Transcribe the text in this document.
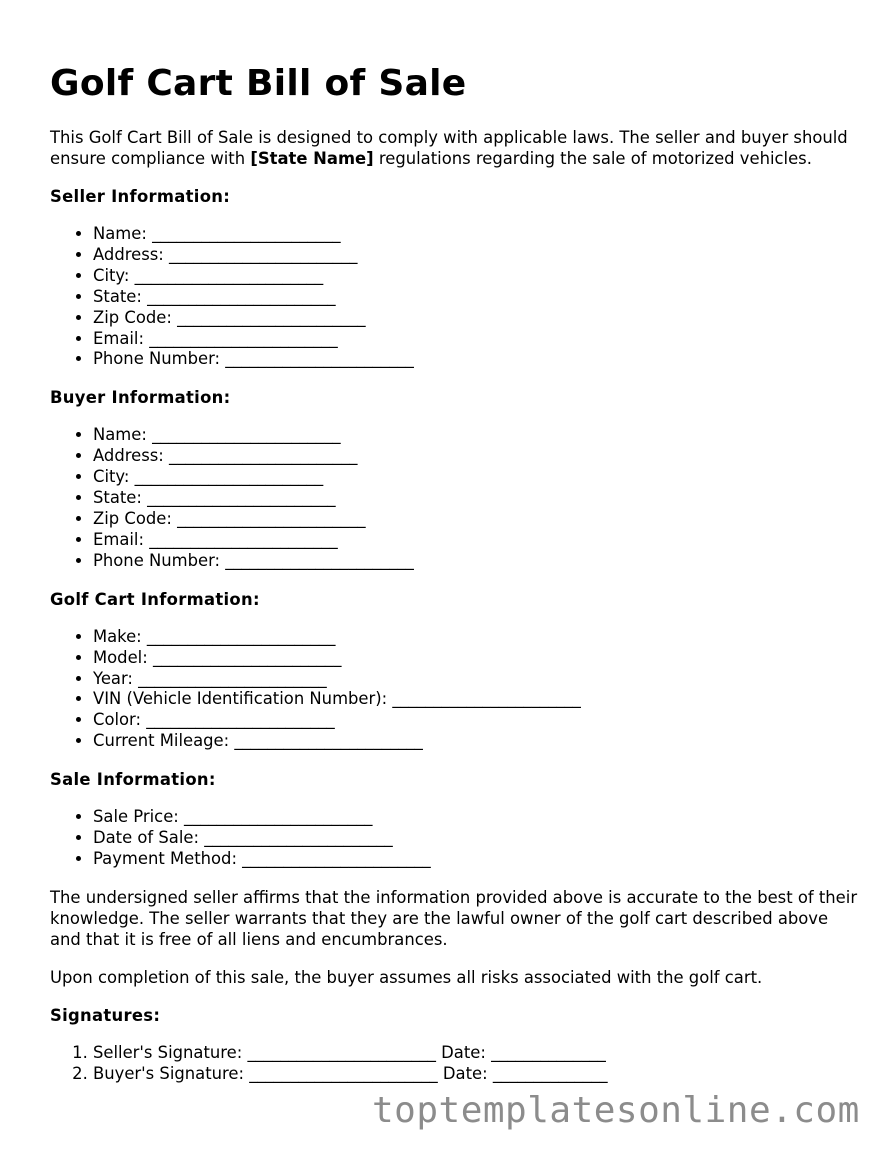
Golf Cart Bill of Sale

This Golf Cart Bill of Sale is designed to comply with applicable laws. The seller and buyer should ensure compliance with [State Name] regulations regarding the sale of motorized vehicles.

Seller Information:
• Name: _______________________
• Address: _______________________
• City: _______________________
• State: _______________________
• Zip Code: _______________________
• Email: _______________________
• Phone Number: _______________________
Buyer Information:
• Name: _______________________
• Address: _______________________
• City: _______________________
• State: _______________________
• Zip Code: _______________________
• Email: _______________________
• Phone Number: _______________________
Golf Cart Information:
• Make: _______________________
• Model: _______________________
• Year: _______________________
• VIN (Vehicle Identification Number): _______________________
• Color: _______________________
• Current Mileage: _______________________
Sale Information:
• Sale Price: _______________________
• Date of Sale: _______________________
• Payment Method: _______________________

The undersigned seller affirms that the information provided above is accurate to the best of their knowledge. The seller warrants that they are the lawful owner of the golf cart described above and that it is free of all liens and encumbrances.

Upon completion of this sale, the buyer assumes all risks associated with the golf cart.

Signatures:
1. Seller's Signature: _______________________ Date: ______________
2. Buyer's Signature: _______________________ Date: ______________
toptemplatesonline.com
